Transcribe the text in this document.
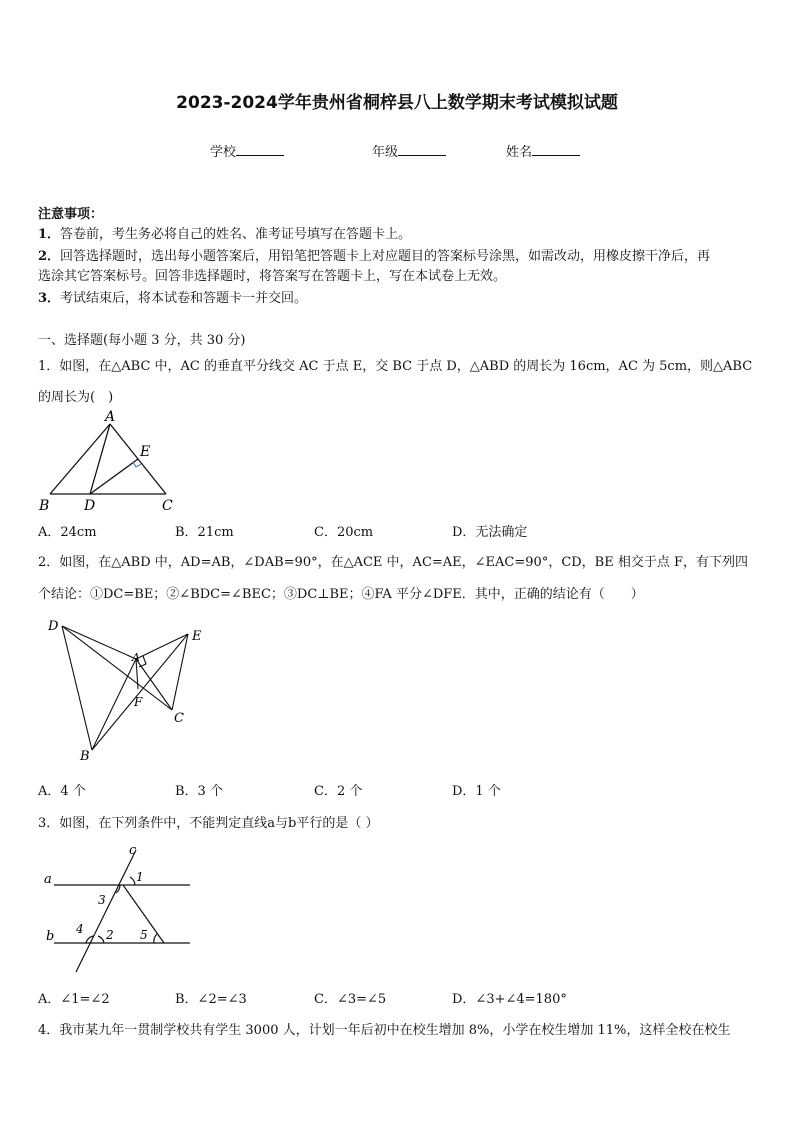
2023-2024学年贵州省桐梓县八上数学期末考试模拟试题
学校	年级	姓名
注意事项：
1．答卷前，考生务必将自己的姓名、准考证号填写在答题卡上。
2．回答选择题时，选出每小题答案后，用铅笔把答题卡上对应题目的答案标号涂黑，如需改动，用橡皮擦干净后，再
选涂其它答案标号。回答非选择题时，将答案写在答题卡上，写在本试卷上无效。
3．考试结束后，将本试卷和答题卡一并交回。
一、选择题(每小题 3 分，共 30 分)
1．如图，在△ABC 中，AC 的垂直平分线交 AC 于点 E，交 BC 于点 D，△ABD 的周长为 16cm，AC 为 5cm，则△ABC
的周长为(　)
A
B D	C
E
A．24cm	B．21cm	C．20cm	D．无法确定
2．如图，在△ABD 中，AD=AB，∠DAB=90°，在△ACE 中，AC=AE，∠EAC=90°，CD，BE 相交于点 F，有下列四
个结论：①DC=BE；②∠BDC=∠BEC；③DC⊥BE；④FA 平分∠DFE．其中，正确的结论有（　　）
D
E
A
F
C
B
A．4 个	B．3 个	C．2 个	D．1 个
3．如图，在下列条件中，不能判定直线a与b平行的是（ ）
a
b
c
1
3
4 2 5
A．∠1=∠2	B．∠2=∠3	C．∠3=∠5	D．∠3+∠4=180°
4．我市某九年一贯制学校共有学生 3000 人，计划一年后初中在校生增加 8%，小学在校生增加 11%，这样全校在校生
